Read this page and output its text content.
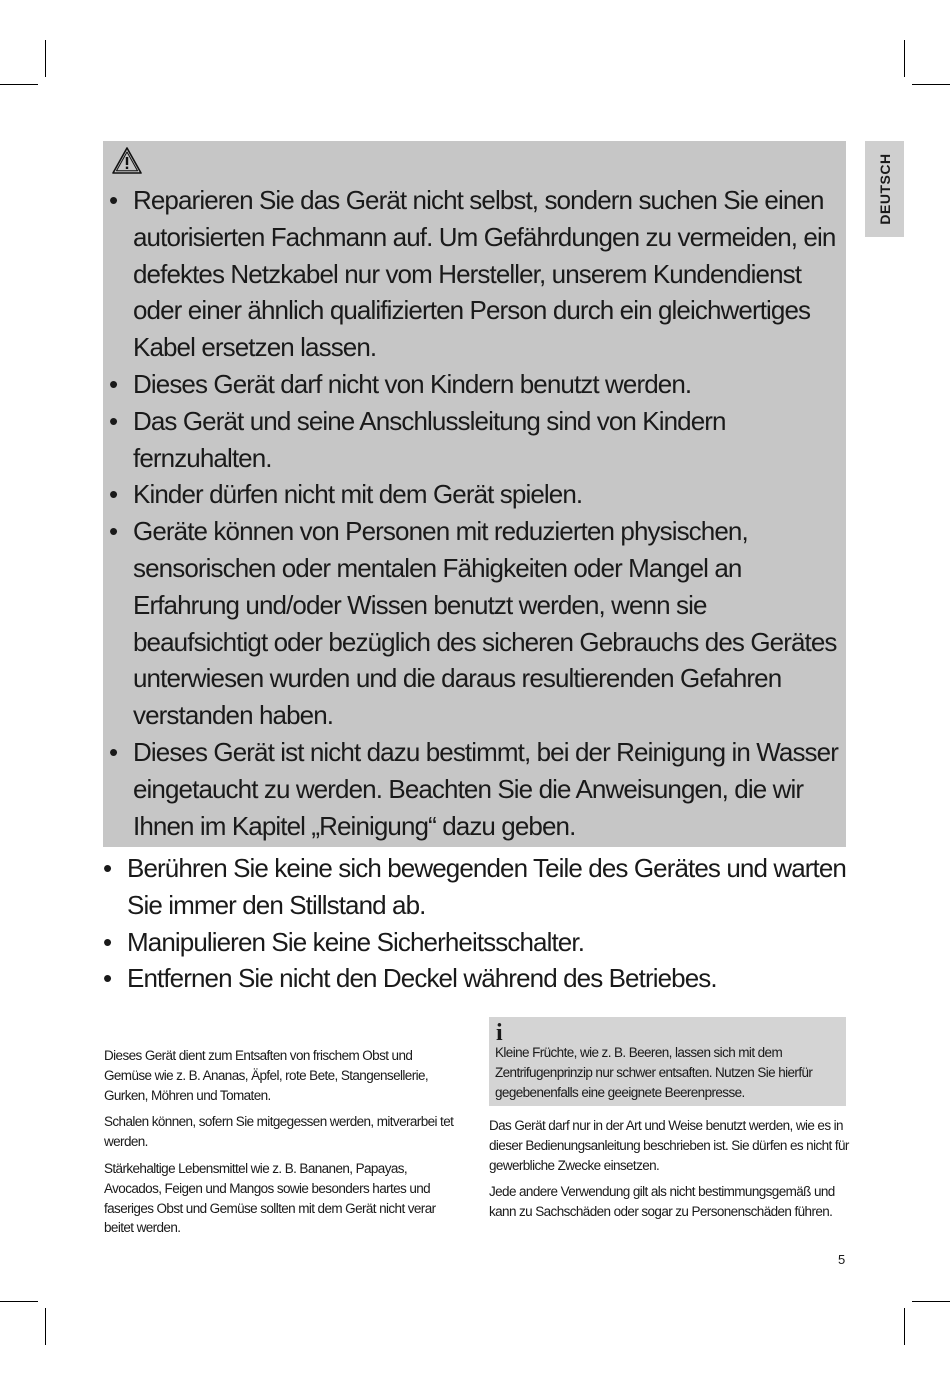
DEUTSCH
• Reparieren Sie das Gerät nicht selbst, sondern suchen Sie einen autorisierten Fachmann auf. Um Gefährdungen zu vermeiden, ein defektes Netzkabel nur vom Hersteller, unserem Kundendienst oder einer ähnlich qualifizierten Person durch ein gleichwertiges Kabel ersetzen lassen.
• Dieses Gerät darf nicht von Kindern benutzt werden.
• Das Gerät und seine Anschlussleitung sind von Kindern fernzuhalten.
• Kinder dürfen nicht mit dem Gerät spielen.
• Geräte können von Personen mit reduzierten physischen, sensorischen oder mentalen Fähigkeiten oder Mangel an Erfahrung und/oder Wissen benutzt werden, wenn sie beaufsichtigt oder bezüglich des sicheren Gebrauchs des Gerätes unterwiesen wurden und die daraus resultierenden Gefahren verstanden haben.
• Dieses Gerät ist nicht dazu bestimmt, bei der Reinigung in Wasser eingetaucht zu werden. Beachten Sie die Anweisungen, die wir Ihnen im Kapitel „Reinigung“ dazu geben.
• Berühren Sie keine sich bewegenden Teile des Gerätes und warten Sie immer den Stillstand ab.
• Manipulieren Sie keine Sicherheitsschalter.
• Entfernen Sie nicht den Deckel während des Betriebes.

Dieses Gerät dient zum Entsaften von frischem Obst und Gemüse wie z. B. Ananas, Äpfel, rote Bete, Stangensellerie, Gurken, Möhren und Tomaten.

Schalen können, sofern Sie mitgegessen werden, mitverarbei tet werden.

Stärkehaltige Lebensmittel wie z. B. Bananen, Papayas, Avocados, Feigen und Mangos sowie besonders hartes und faseriges Obst und Gemüse sollten mit dem Gerät nicht verar beitet werden.

i

Kleine Früchte, wie z. B. Beeren, lassen sich mit dem Zentrifugenprinzip nur schwer entsaften. Nutzen Sie hierfür gegebenenfalls eine geeignete Beerenpresse.

Das Gerät darf nur in der Art und Weise benutzt werden, wie es in dieser Bedienungsanleitung beschrieben ist. Sie dürfen es nicht für gewerbliche Zwecke einsetzen.

Jede andere Verwendung gilt als nicht bestimmungsgemäß und kann zu Sachschäden oder sogar zu Personenschäden führen.

5
